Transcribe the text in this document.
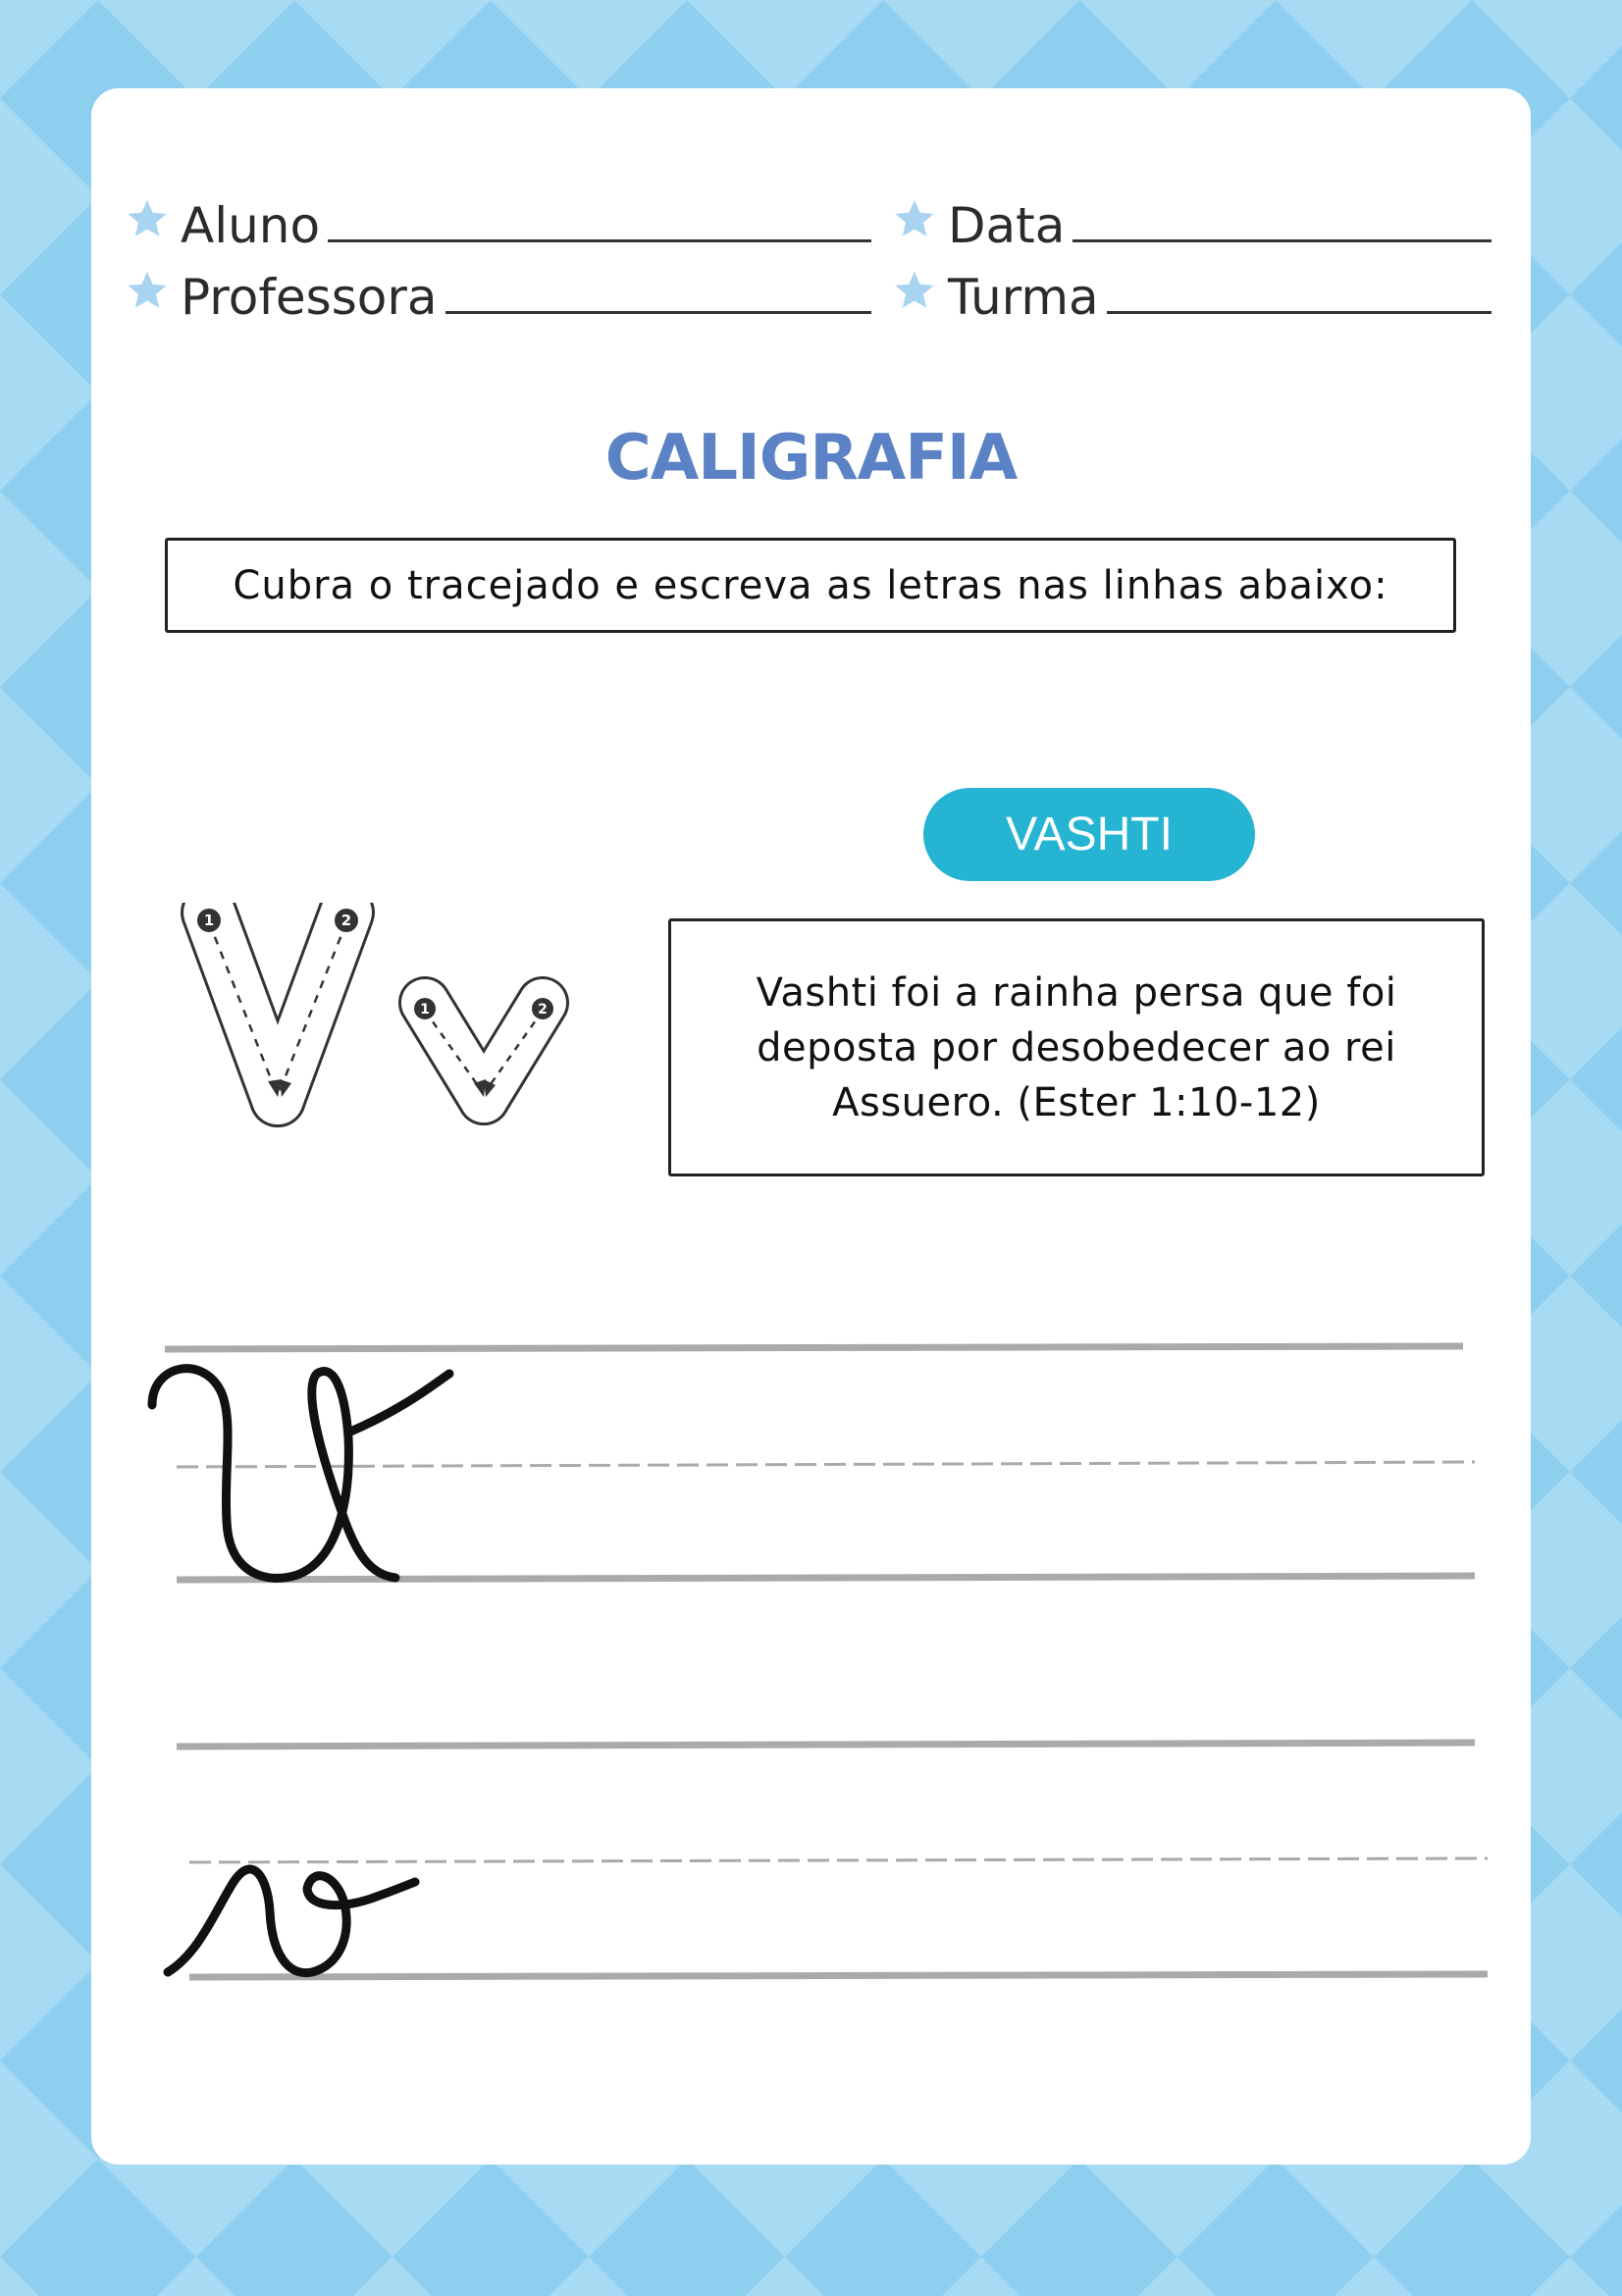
Aluno	Data
Professora	Turma
CALIGRAFIA
Cubra o tracejado e escreva as letras nas linhas abaixo:
VASHTI
Vashti foi a rainha persa que foi deposta por desobedecer ao rei Assuero. (Ester 1:10-12)
1	2
1	2
